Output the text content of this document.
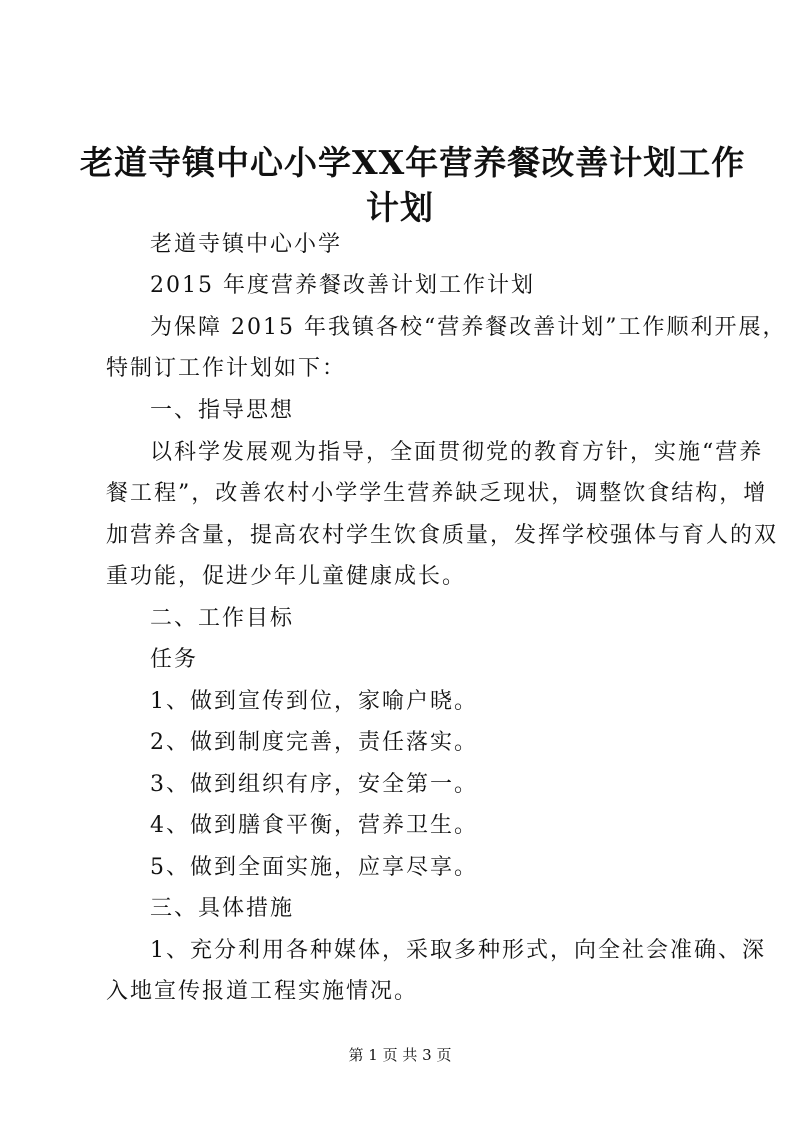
老道寺镇中心小学XX年营养餐改善计划工作
计划
老道寺镇中心小学
2015 年度营养餐改善计划工作计划
为保障 2015 年我镇各校“营养餐改善计划”工作顺利开展，
特制订工作计划如下：
一、指导思想
以科学发展观为指导，全面贯彻党的教育方针，实施“营养
餐工程”，改善农村小学学生营养缺乏现状，调整饮食结构，增
加营养含量，提高农村学生饮食质量，发挥学校强体与育人的双
重功能，促进少年儿童健康成长。
二、工作目标
任务
1、做到宣传到位，家喻户晓。
2、做到制度完善，责任落实。
3、做到组织有序，安全第一。
4、做到膳食平衡，营养卫生。
5、做到全面实施，应享尽享。
三、具体措施
1、充分利用各种媒体，采取多种形式，向全社会准确、深
入地宣传报道工程实施情况。
第 1 页 共 3 页
